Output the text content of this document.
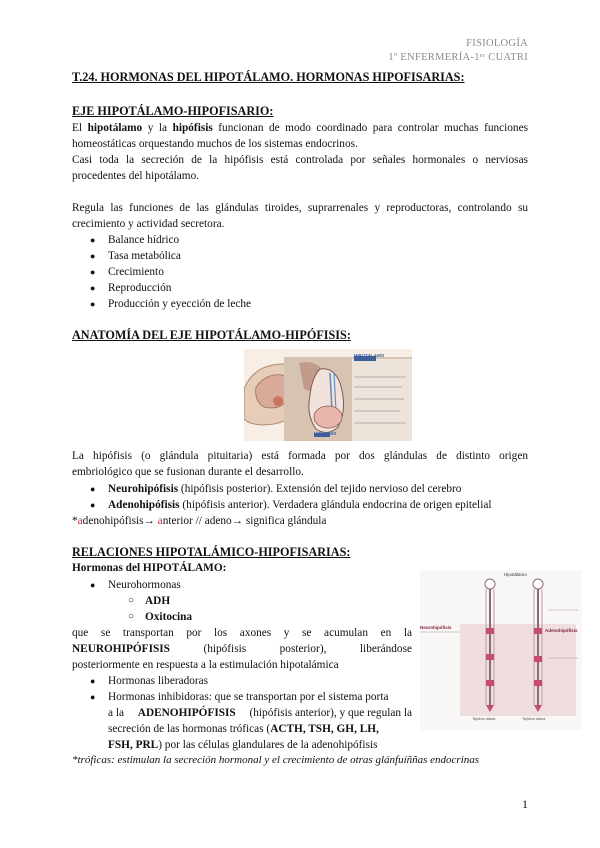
FISIOLOGÍA
1º ENFERMERÍA-1ᵉʳ CUATRI
T.24. HORMONAS DEL HIPOTÁLAMO. HORMONAS HIPOFISARIAS:
EJE HIPOTÁLAMO-HIPOFISARIO:
El hipotálamo y la hipófisis funcionan de modo coordinado para controlar muchas funciones
homeostáticas orquestando muchos de los sistemas endocrinos.
Casi toda la secreción de la hipófisis está controlada por señales hormonales o nerviosas
procedentes del hipotálamo.
Regula las funciones de las glándulas tiroides, suprarrenales y reproductoras, controlando su
crecimiento y actividad secretora.
● Balance hídrico
● Tasa metabólica
● Crecimiento
● Reproducción
● Producción y eyección de leche
ANATOMÍA DEL EJE HIPOTÁLAMO-HIPÓFISIS:
HIPOTÁLAMO
HIPÓFISIS
La hipófisis (o glándula pituitaria) está formada por dos glándulas de distinto origen
embriológico que se fusionan durante el desarrollo.
● Neurohipófisis (hipófisis posterior). Extensión del tejido nervioso del cerebro
● Adenohipófisis (hipófisis anterior). Verdadera glándula endocrina de origen epitelial
*adenohipófisis→ anterior // adeno→ significa glándula
RELACIONES HIPOTALÁMICO-HIPOFISARIAS:
Hormonas del HIPOTÁLAMO:
● Neurohormonas
○ ADH
○ Oxitocina
que se transportan por los axones y se acumulan en la
NEUROHIPÓFISIS	(hipófisis	posterior),	liberándose
posteriormente en respuesta a la estimulación hipotalámica
● Hormonas liberadoras
● Hormonas inhibidoras: que se transportan por el sistema porta
a la ADENOHIPÓFISIS (hipófisis anterior), y que regulan la
secreción de las hormonas tróficas (ACTH, TSH, GH, LH,
FSH, PRL) por las células glandulares de la adenohipófisis
*tróficas: estimulan la secreción hormonal y el crecimiento de otras glánfuíññas endocrinas
Hipotálamo
Neurohipófisis
Adenohipófisis
Tejidos diana	Tejidos diana
1
